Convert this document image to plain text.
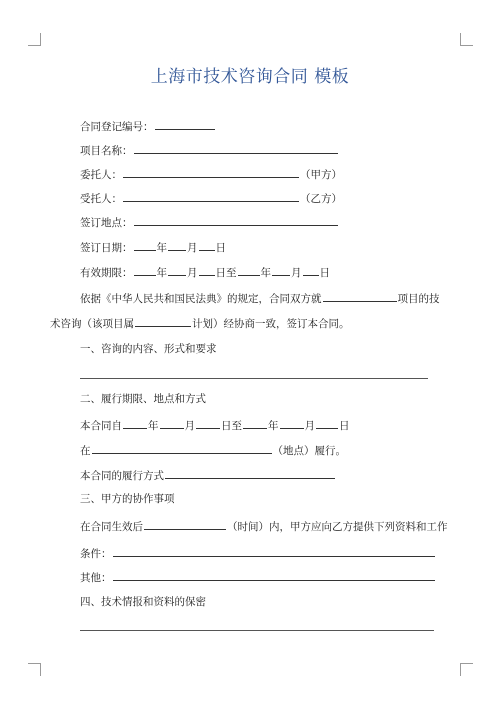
上海市技术咨询合同 模板
合同登记编号：
项目名称：
委托人：	（甲方）
受托人：	（乙方）
签订地点：
签订日期： 年 月 日
有效期限： 年 月 日至 年 月 日
依据《中华人民共和国民法典》的规定，合同双方就	项目的技
术咨询（该项目属	计划）经协商一致，签订本合同。
一、咨询的内容、形式和要求
二、履行期限、地点和方式
本合同自 年 月 日至 年 月 日
在	（地点）履行。
本合同的履行方式
三、甲方的协作事项
在合同生效后	（时间）内，甲方应向乙方提供下列资料和工作
条件：
其他：
四、技术情报和资料的保密
